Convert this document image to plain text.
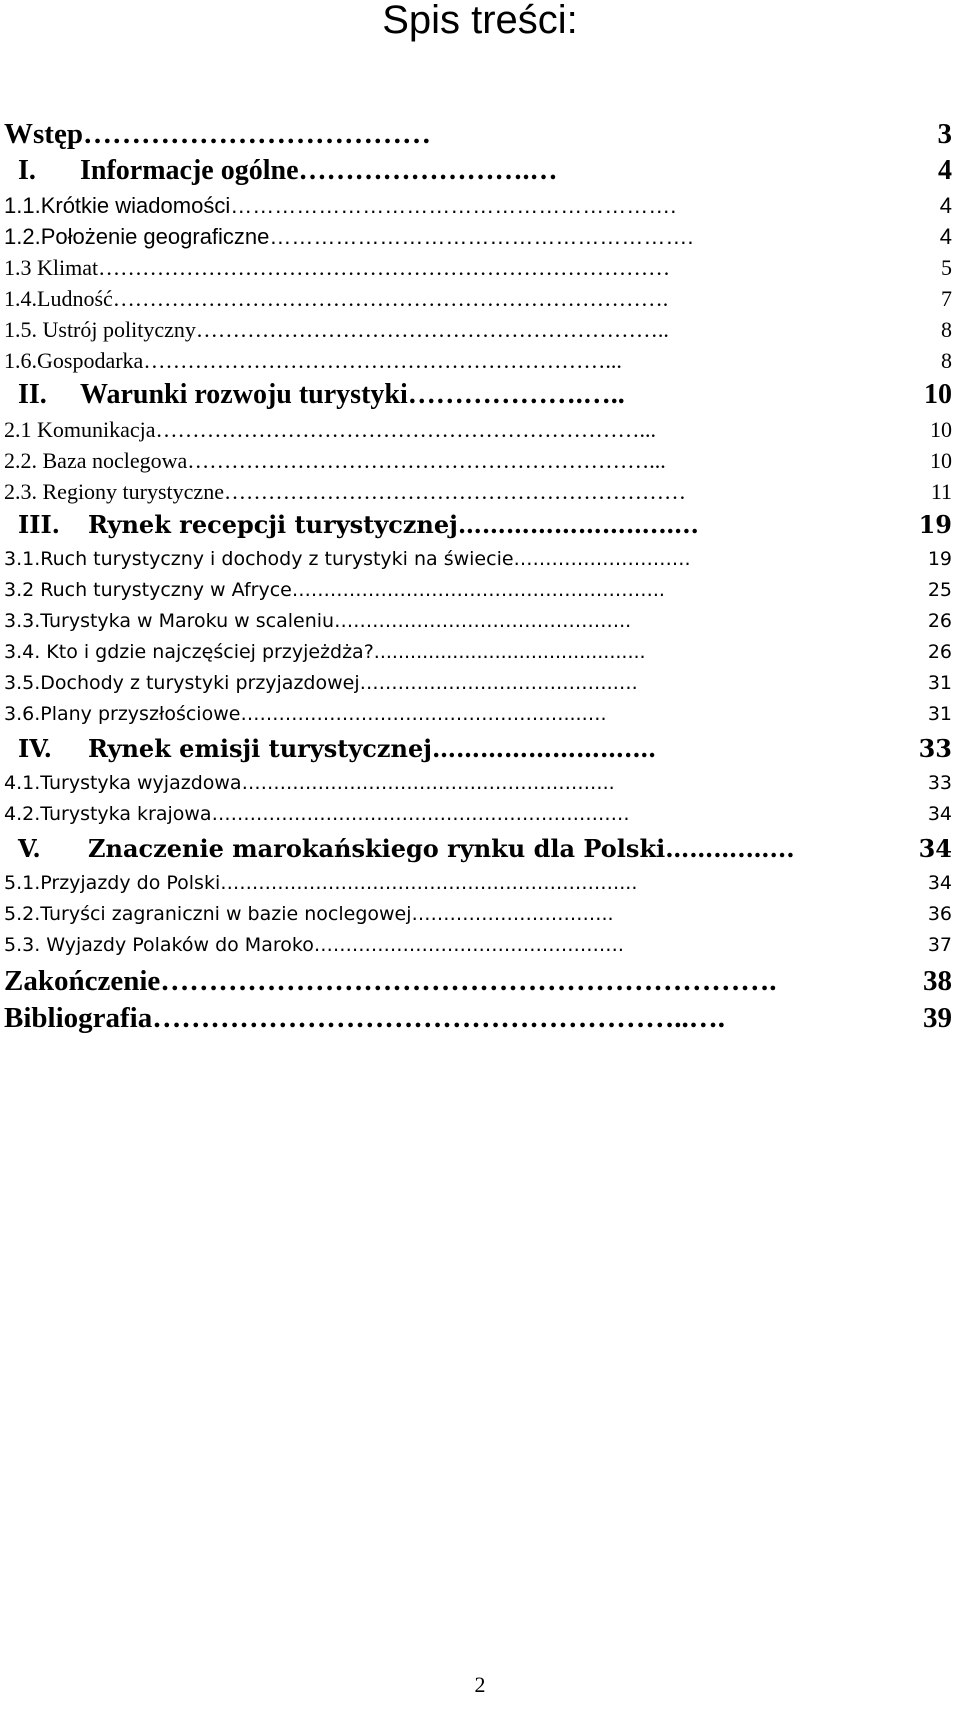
Spis treści:
Wstęp ………………………………	3
I. Informacje ogólne …………………….…	4
1.1.Krótkie wiadomości …………………………………………………….	4
1.2.Położenie geograficzne ………………………………………………….	4
1.3 Klimat ……………………………………………………………………	5
1.4.Ludność ………………………………………………………………….	7
1.5. Ustrój polityczny ………………………………………………………..	8
1.6.Gospodarka ………………………………………………………...	8
II. Warunki rozwoju turystyki ……………….…..	10
2.1 Komunikacja …………………………………………………………...	10
2.2. Baza noclegowa ………………………………………………………...	10
2.3. Regiony turystyczne ………………………………………………………	11
III. Rynek recepcji turystycznej …………………….…..	19
3.1.Ruch turystyczny i dochody z turystyki na świecie ……………………….	19
3.2 Ruch turystyczny w Afryce …………………………………………………..	25
3.3.Turystyka w Maroku w scaleniu ………………………………………..	26
3.4. Kto i gdzie najczęściej przyjeżdża? .............................................	26
3.5.Dochody z turystyki przyjazdowej ………………………………….….	31
3.6.Plany przyszłościowe ……………………………………………...….	31
IV. Rynek emisji turystycznej …………………….…	33
4.1.Turystyka wyjazdowa …………………………………………………..	33
4.2.Turystyka krajowa …………………………………………………………	34
V. Znaczenie marokańskiego rynku dla Polski ……….…...	34
5.1.Przyjazdy do Polski ………………………………………………………...	34
5.2.Turyści zagraniczni w bazie noclegowej …………………………..	36
5.3. Wyjazdy Polaków do Maroko ………………………………………….	37
Zakończenie ……………………………………………………….	38
Bibliografia ………………………………………………..….	39
2
